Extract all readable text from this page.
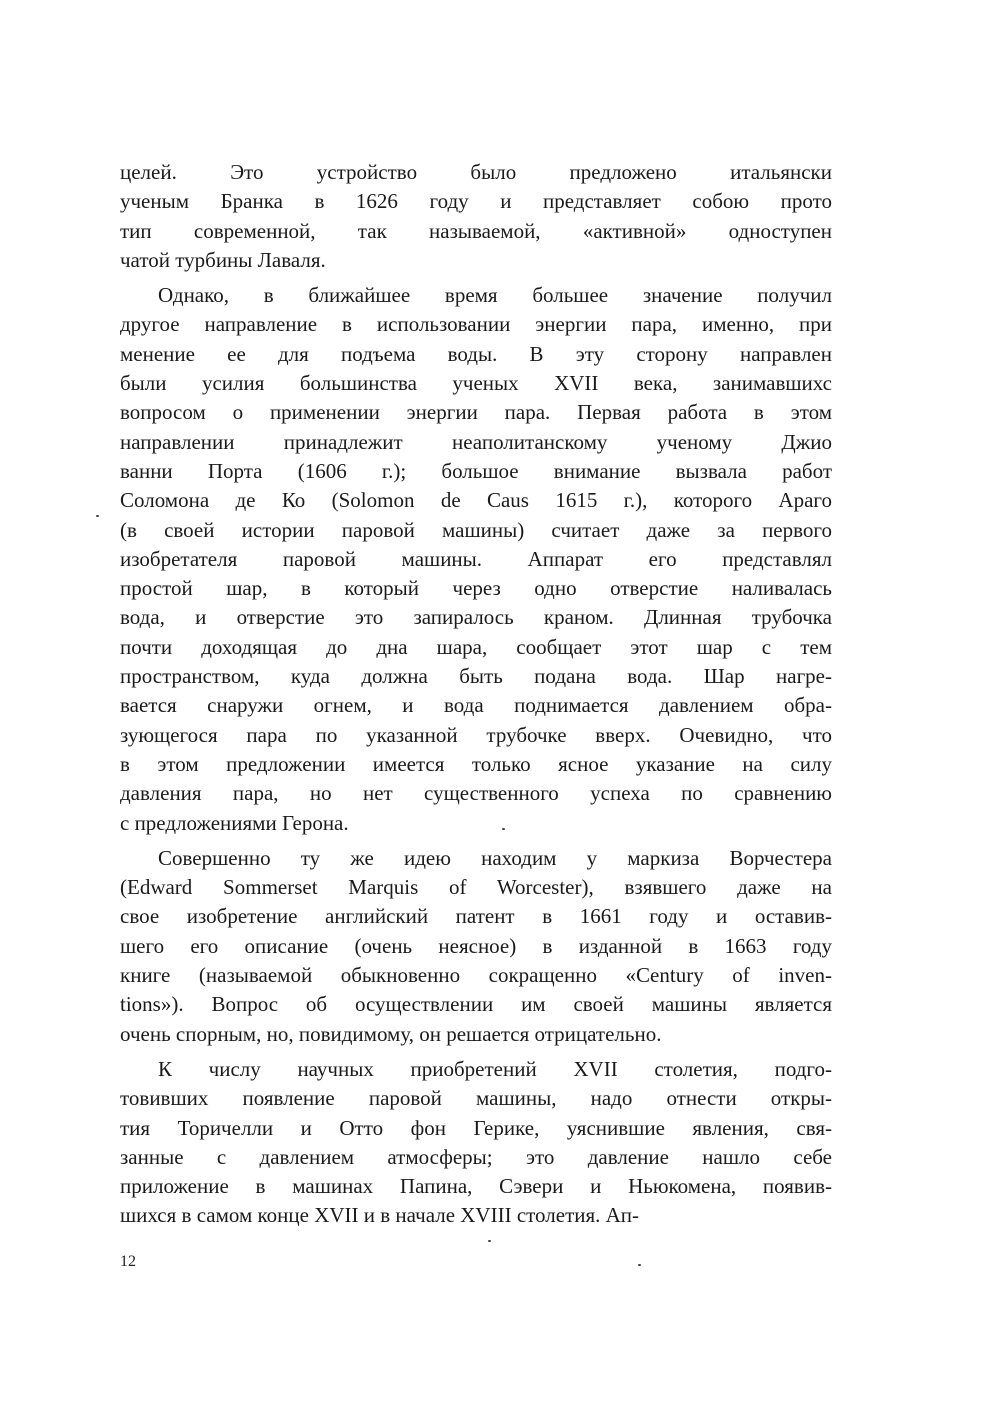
целей. Это устройство было предложено итальянски
ученым Бранка в 1626 году и представляет собою прото
тип современной, так называемой, «активной» одноступен
чатой турбины Лаваля.
Однако, в ближайшее время большее значение получил
другое направление в использовании энергии пара, именно, при
менение ее для подъема воды. В эту сторону направлен
были усилия большинства ученых XVII века, занимавшихс
вопросом о применении энергии пара. Первая работа в этом
направлении принадлежит неаполитанскому ученому Джио
ванни Порта (1606 г.); большое внимание вызвала работ
Соломона де Ко (Solomon de Caus 1615 г.), которого Араго
(в своей истории паровой машины) считает даже за первого
изобретателя паровой машины. Аппарат его представлял
простой шар, в который через одно отверстие наливалась
вода, и отверстие это запиралось краном. Длинная трубочка
почти доходящая до дна шара, сообщает этот шар с тем
пространством, куда должна быть подана вода. Шар нагре-
вается снаружи огнем, и вода поднимается давлением обра-
зующегося пара по указанной трубочке вверх. Очевидно, что
в этом предложении имеется только ясное указание на силу
давления пара, но нет существенного успеха по сравнению
с предложениями Герона.
Совершенно ту же идею находим у маркиза Ворчестера
(Edward Sommerset Marquis of Worcester), взявшего даже на
свое изобретение английский патент в 1661 году и оставив-
шего его описание (очень неясное) в изданной в 1663 году
книге (называемой обыкновенно сокращенно «Century of inven-
tions»). Вопрос об осуществлении им своей машины является
очень спорным, но, повидимому, он решается отрицательно.
К числу научных приобретений XVII столетия, подго-
товивших появление паровой машины, надо отнести откры-
тия Торичелли и Отто фон Герике, уяснившие явления, свя-
занные с давлением атмосферы; это давление нашло себе
приложение в машинах Папина, Сэвери и Ньюкомена, появив-
шихся в самом конце XVII и в начале XVIII столетия. Ап-
12
